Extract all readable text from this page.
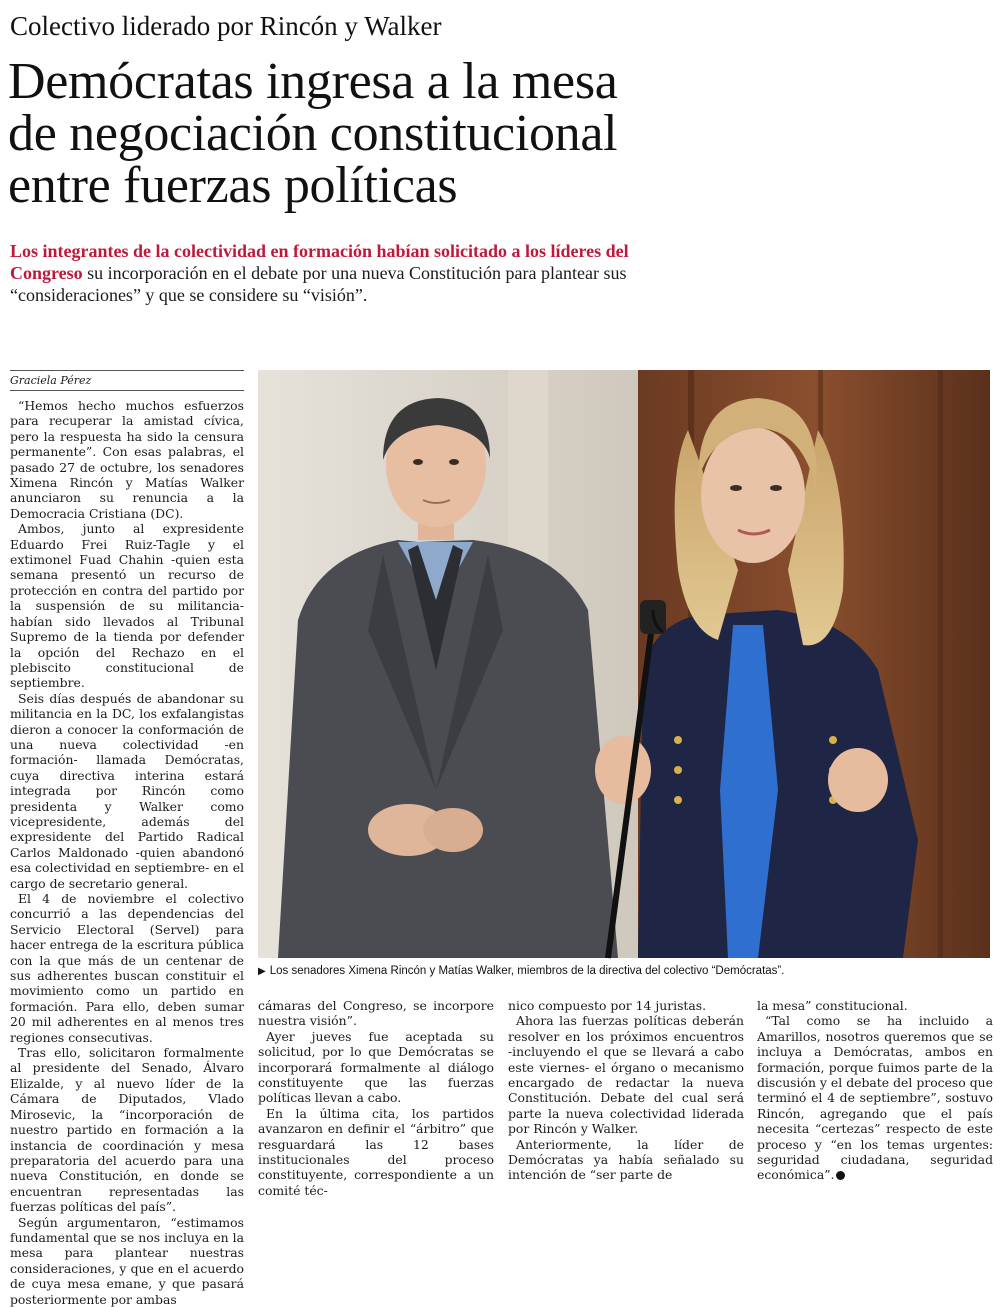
Colectivo liderado por Rincón y Walker
Demócratas ingresa a la mesa
de negociación constitucional
entre fuerzas políticas
Los integrantes de la colectividad en formación habían solicitado a los líderes del Congreso su incorporación en el debate por una nueva Constitución para plantear sus “consideraciones” y que se considere su “visión”.
Graciela Pérez

“Hemos hecho muchos esfuerzos para recuperar la amistad cívica, pero la respuesta ha sido la censura permanente”. Con esas palabras, el pasado 27 de octubre, los senadores Ximena Rincón y Matías Walker anunciaron su renuncia a la Democracia Cristiana (DC).

Ambos, junto al expresidente Eduardo Frei Ruiz-Tagle y el extimonel Fuad Chahin -quien esta semana presentó un recurso de protección en contra del partido por la suspensión de su militancia- habían sido llevados al Tribunal Supremo de la tienda por defender la opción del Rechazo en el plebiscito constitucional de septiembre.

Seis días después de abandonar su militancia en la DC, los exfalangistas dieron a conocer la conformación de una nueva colectividad -en formación- llamada Demócratas, cuya directiva interina estará integrada por Rincón como presidenta y Walker como vicepresidente, además del expresidente del Partido Radical Carlos Maldonado -quien abandonó esa colectividad en septiembre- en el cargo de secretario general.

El 4 de noviembre el colectivo concurrió a las dependencias del Servicio Electoral (Servel) para hacer entrega de la escritura pública con la que más de un centenar de sus adherentes buscan constituir el movimiento como un partido en formación. Para ello, deben sumar 20 mil adherentes en al menos tres regiones consecutivas.

Tras ello, solicitaron formalmente al presidente del Senado, Álvaro Elizalde, y al nuevo líder de la Cámara de Diputados, Vlado Mirosevic, la “incorporación de nuestro partido en formación a la instancia de coordinación y mesa preparatoria del acuerdo para una nueva Constitución, en donde se encuentran representadas las fuerzas políticas del país”.

Según argumentaron, “estimamos fundamental que se nos incluya en la mesa para plantear nuestras consideraciones, y que en el acuerdo de cuya mesa emane, y que pasará posteriormente por ambas

▶ Los senadores Ximena Rincón y Matías Walker, miembros de la directiva del colectivo “Demócratas”.

cámaras del Congreso, se incorpore nuestra visión”.

Ayer jueves fue aceptada su solicitud, por lo que Demócratas se incorporará formalmente al diálogo constituyente que las fuerzas políticas llevan a cabo.

En la última cita, los partidos avanzaron en definir el “árbitro” que resguardará las 12 bases institucionales del proceso constituyente, correspondiente a un comité téc-

nico compuesto por 14 juristas.

Ahora las fuerzas políticas deberán resolver en los próximos encuentros -incluyendo el que se llevará a cabo este viernes- el órgano o mecanismo encargado de redactar la nueva Constitución. Debate del cual será parte la nueva colectividad liderada por Rincón y Walker.

Anteriormente, la líder de Demócratas ya había señalado su intención de “ser parte de

la mesa” constitucional.

“Tal como se ha incluido a Amarillos, nosotros queremos que se incluya a Demócratas, ambos en formación, porque fuimos parte de la discusión y el debate del proceso que terminó el 4 de septiembre”, sostuvo Rincón, agregando que el país necesita “certezas” respecto de este proceso y “en los temas urgentes: seguridad ciudadana, seguridad económica”.
